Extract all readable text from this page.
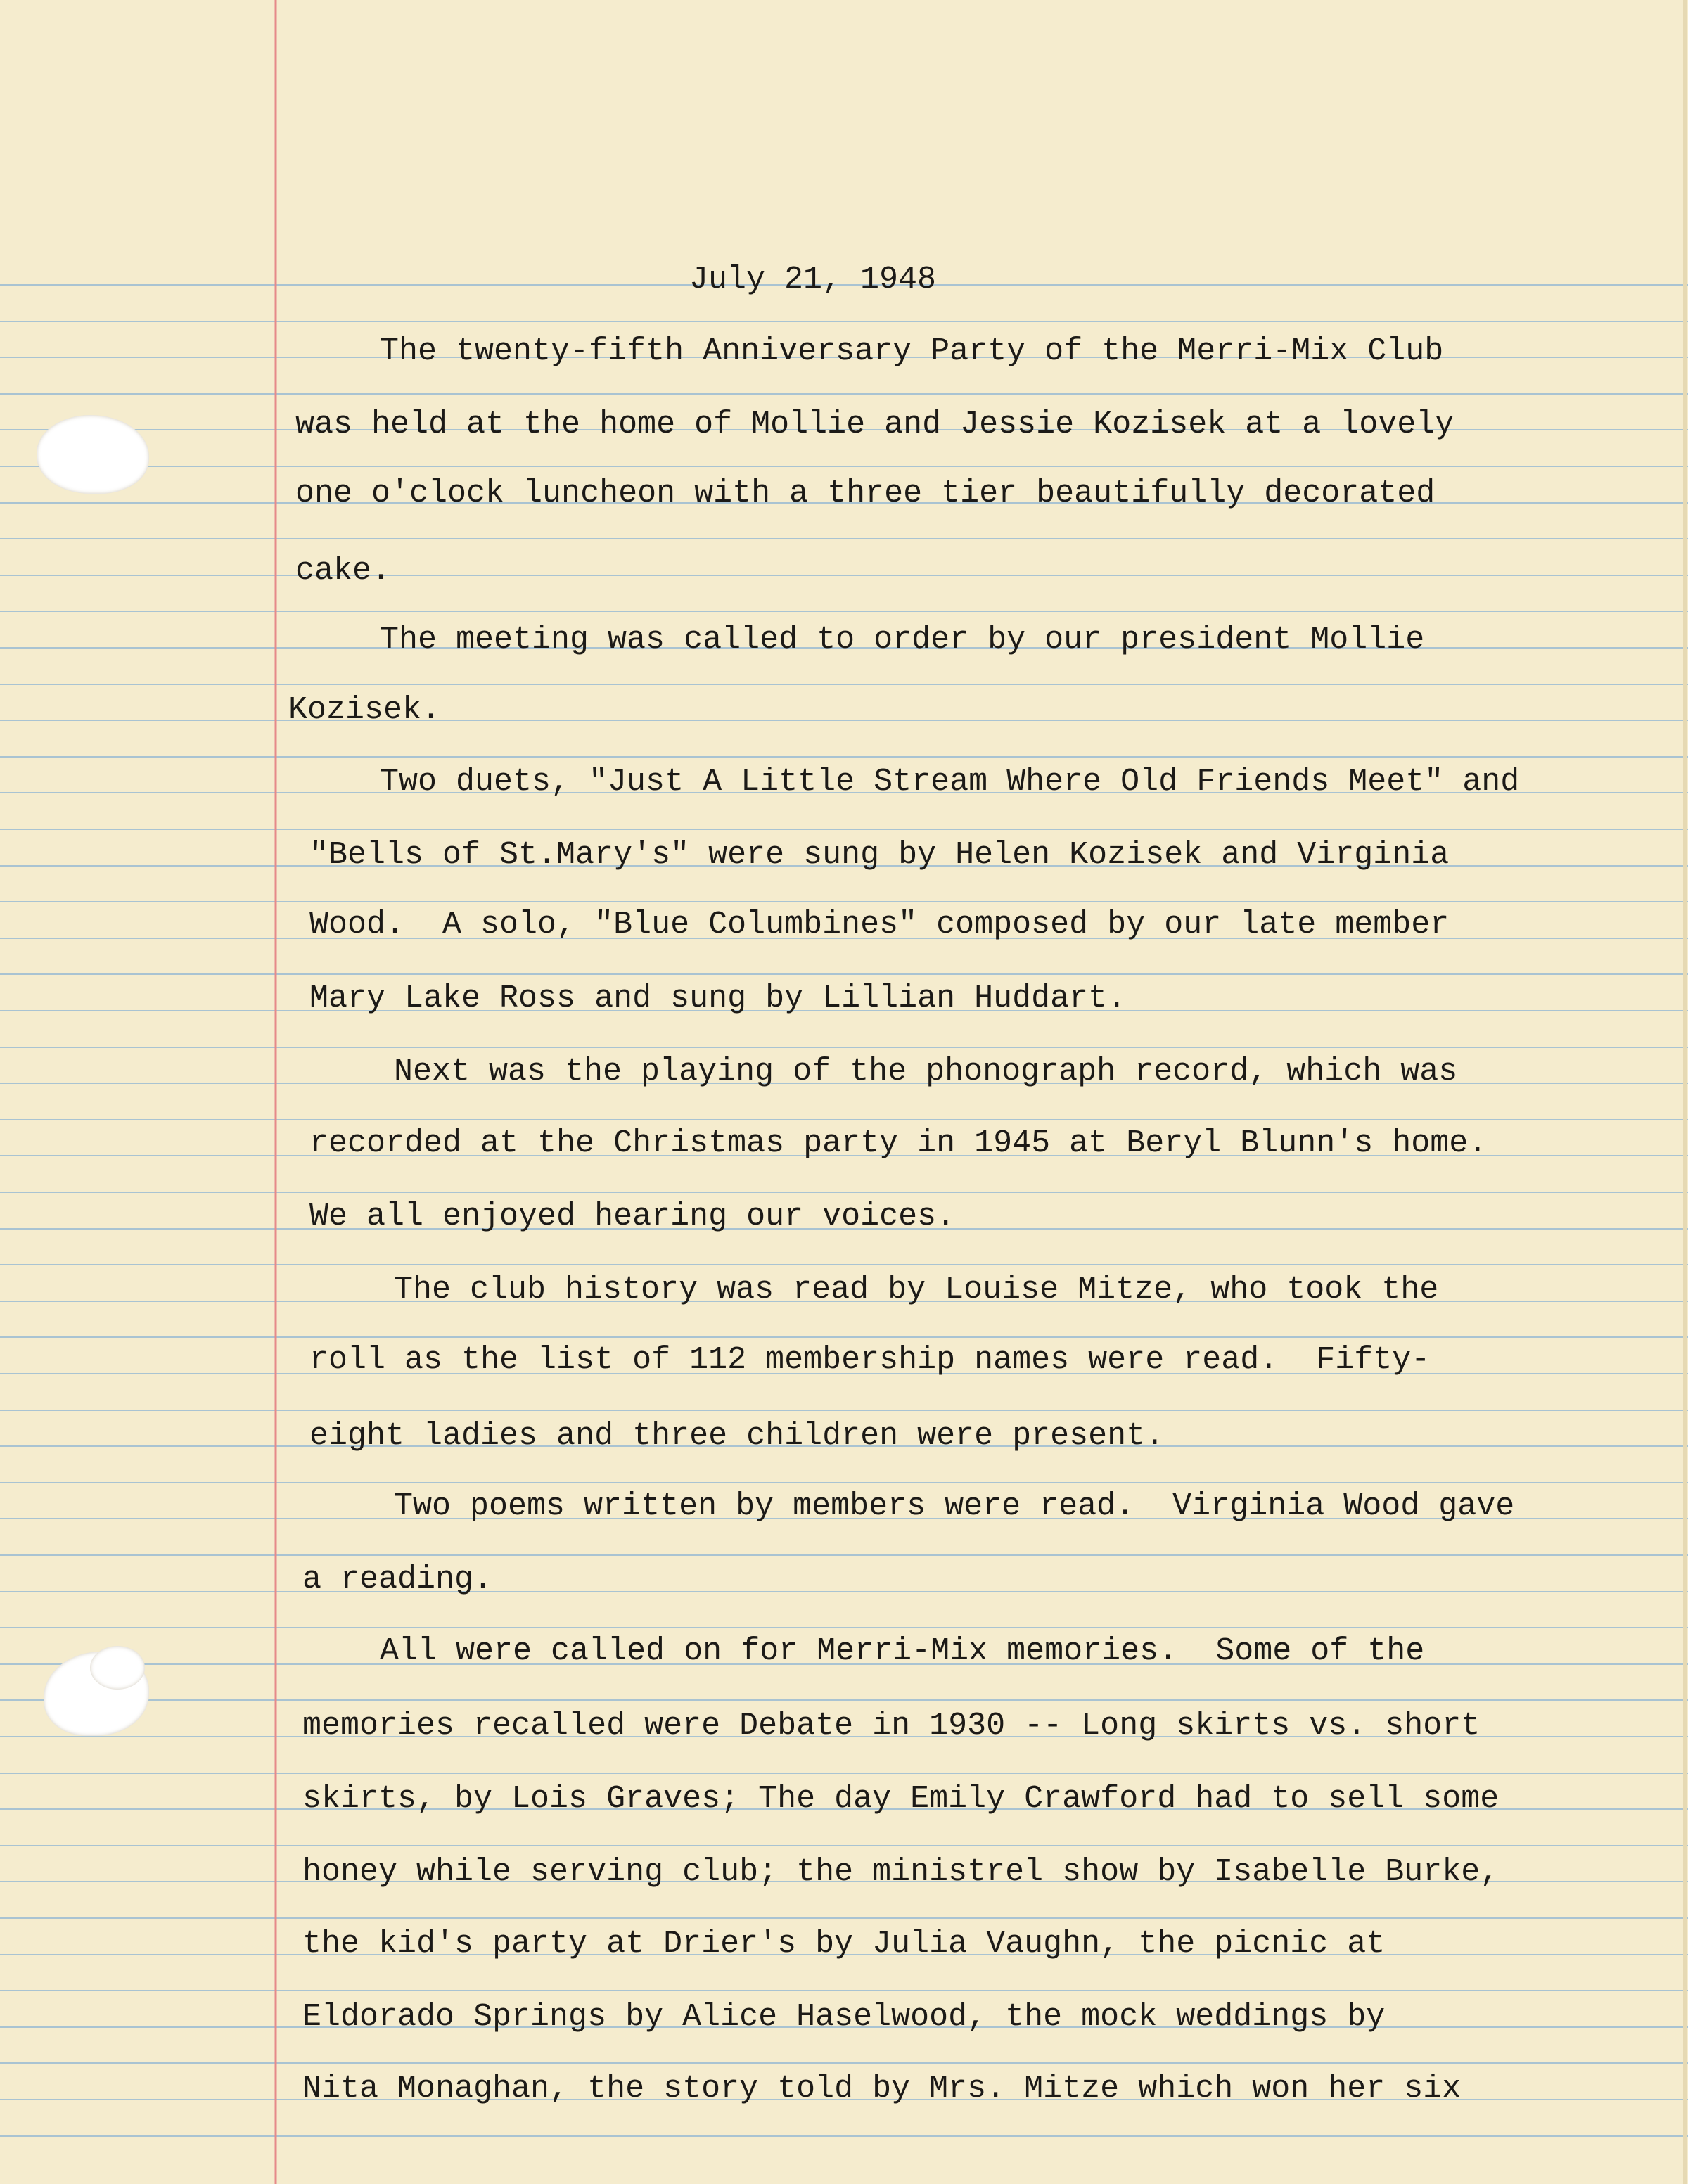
July 21, 1948
The twenty-fifth Anniversary Party of the Merri-Mix Club
was held at the home of Mollie and Jessie Kozisek at a lovely
one o'clock luncheon with a three tier beautifully decorated
cake.
The meeting was called to order by our president Mollie
Kozisek.
Two duets, "Just A Little Stream Where Old Friends Meet" and
"Bells of St.Mary's" were sung by Helen Kozisek and Virginia
Wood.  A solo, "Blue Columbines" composed by our late member
Mary Lake Ross and sung by Lillian Huddart.
Next was the playing of the phonograph record, which was
recorded at the Christmas party in 1945 at Beryl Blunn's home.
We all enjoyed hearing our voices.
The club history was read by Louise Mitze, who took the
roll as the list of 112 membership names were read.  Fifty-
eight ladies and three children were present.
Two poems written by members were read.  Virginia Wood gave
a reading.
All were called on for Merri-Mix memories.  Some of the
memories recalled were Debate in 1930 -- Long skirts vs. short
skirts, by Lois Graves; The day Emily Crawford had to sell some
honey while serving club; the ministrel show by Isabelle Burke,
the kid's party at Drier's by Julia Vaughn, the picnic at
Eldorado Springs by Alice Haselwood, the mock weddings by
Nita Monaghan, the story told by Mrs. Mitze which won her six
